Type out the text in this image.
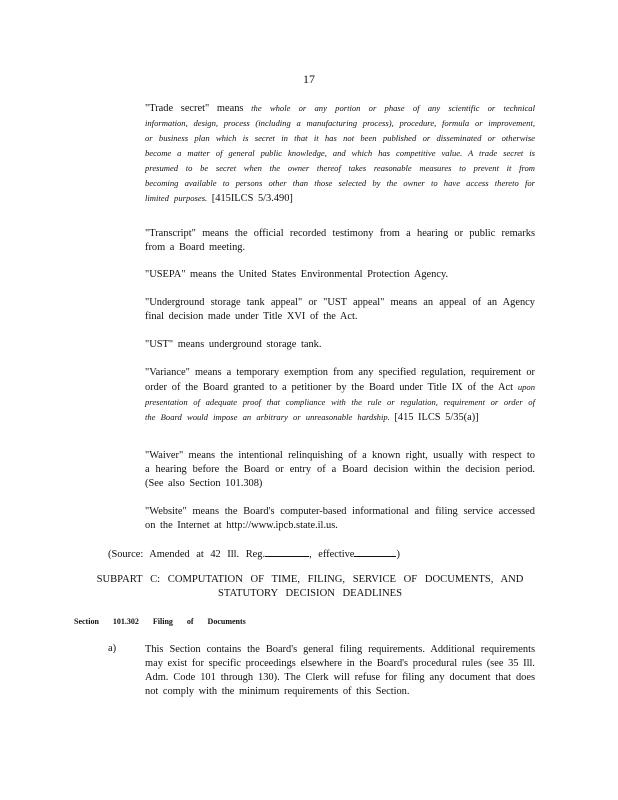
17
"Trade secret" means the whole or any portion or phase of any scientific or technical information, design, process (including a manufacturing process), procedure, formula or improvement, or business plan which is secret in that it has not been published or disseminated or otherwise become a matter of general public knowledge, and which has competitive value. A trade secret is presumed to be secret when the owner thereof takes reasonable measures to prevent it from becoming available to persons other than those selected by the owner to have access thereto for limited purposes. [415ILCS 5/3.490]
"Transcript" means the official recorded testimony from a hearing or public remarks from a Board meeting.
"USEPA" means the United States Environmental Protection Agency.
"Underground storage tank appeal" or "UST appeal" means an appeal of an Agency final decision made under Title XVI of the Act.
"UST" means underground storage tank.
"Variance" means a temporary exemption from any specified regulation, requirement or order of the Board granted to a petitioner by the Board under Title IX of the Act upon presentation of adequate proof that compliance with the rule or regulation, requirement or order of the Board would impose an arbitrary or unreasonable hardship. [415 ILCS 5/35(a)]
"Waiver" means the intentional relinquishing of a known right, usually with respect to a hearing before the Board or entry of a Board decision within the decision period. (See also Section 101.308)
"Website" means the Board's computer-based informational and filing service accessed on the Internet at http://www.ipcb.state.il.us.
(Source: Amended at 42 Ill. Reg.	, effective	)
SUBPART C: COMPUTATION OF TIME, FILING, SERVICE OF DOCUMENTS, AND STATUTORY DECISION DEADLINES
Section 101.302 Filing of Documents
a)	This Section contains the Board's general filing requirements. Additional requirements may exist for specific proceedings elsewhere in the Board's procedural rules (see 35 Ill. Adm. Code 101 through 130). The Clerk will refuse for filing any document that does not comply with the minimum requirements of this Section.
